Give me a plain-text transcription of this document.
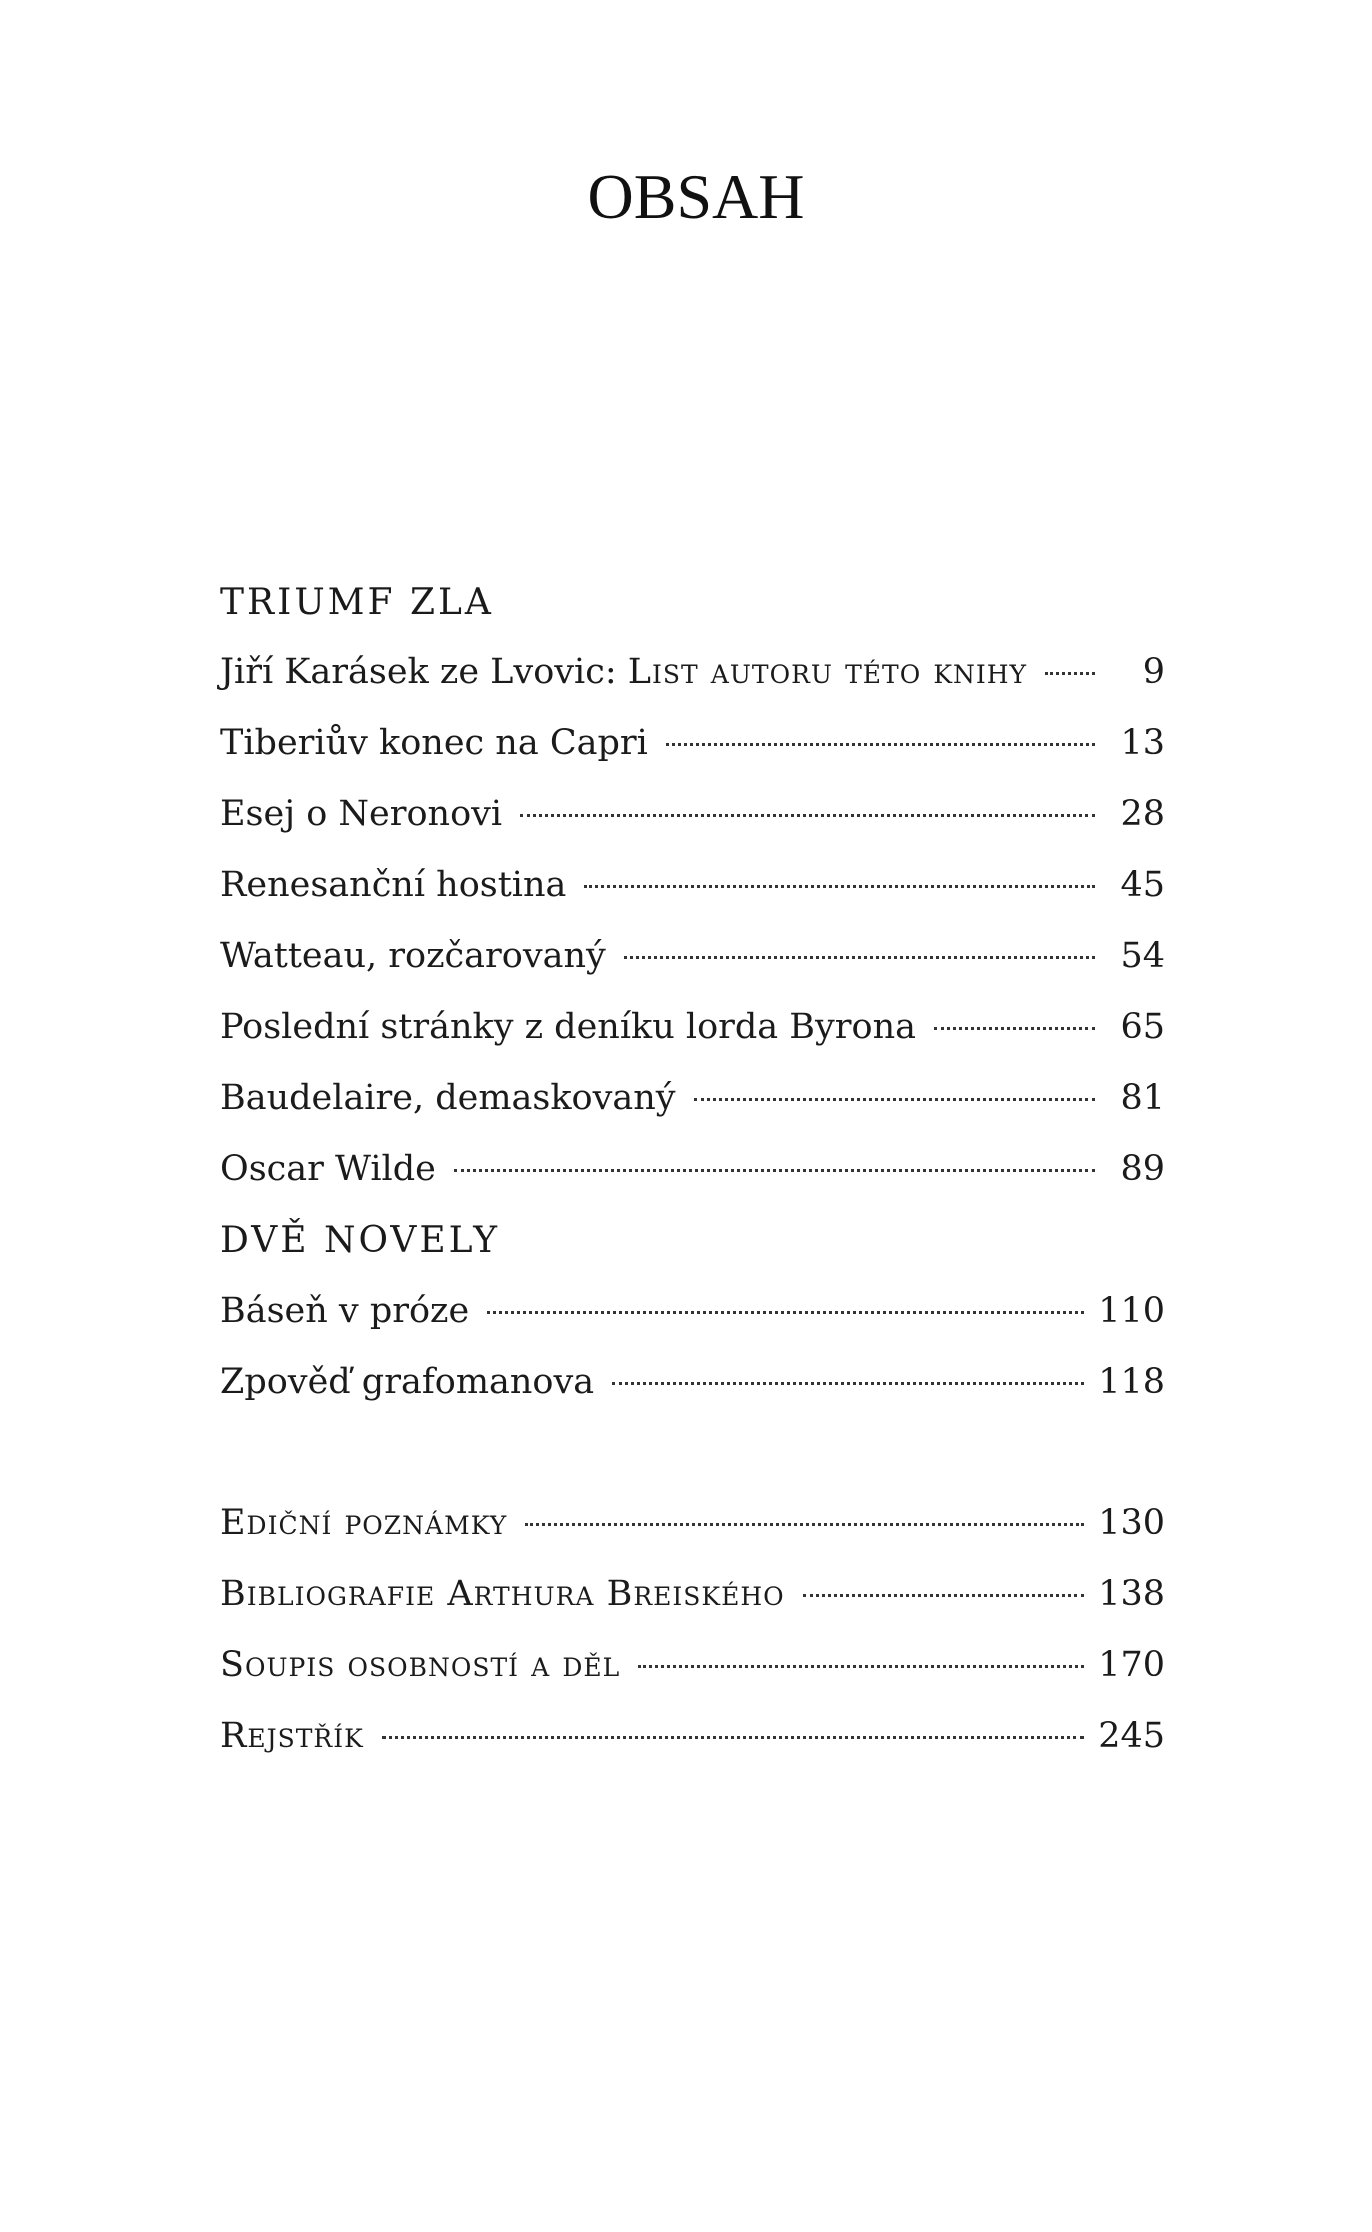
OBSAH
TRIUMF ZLA
Jiří Karásek ze Lvovic: List autoru této knihy	9
Tiberiův konec na Capri	13
Esej o Neronovi	28
Renesanční hostina	45
Watteau, rozčarovaný	54
Poslední stránky z deníku lorda Byrona	65
Baudelaire, demaskovaný	81
Oscar Wilde	89
DVĚ NOVELY
Báseň v próze	110
Zpověď grafomanova	118
Ediční poznámky	130
Bibliografie Arthura Breiského	138
Soupis osobností a děl	170
Rejstřík	245
